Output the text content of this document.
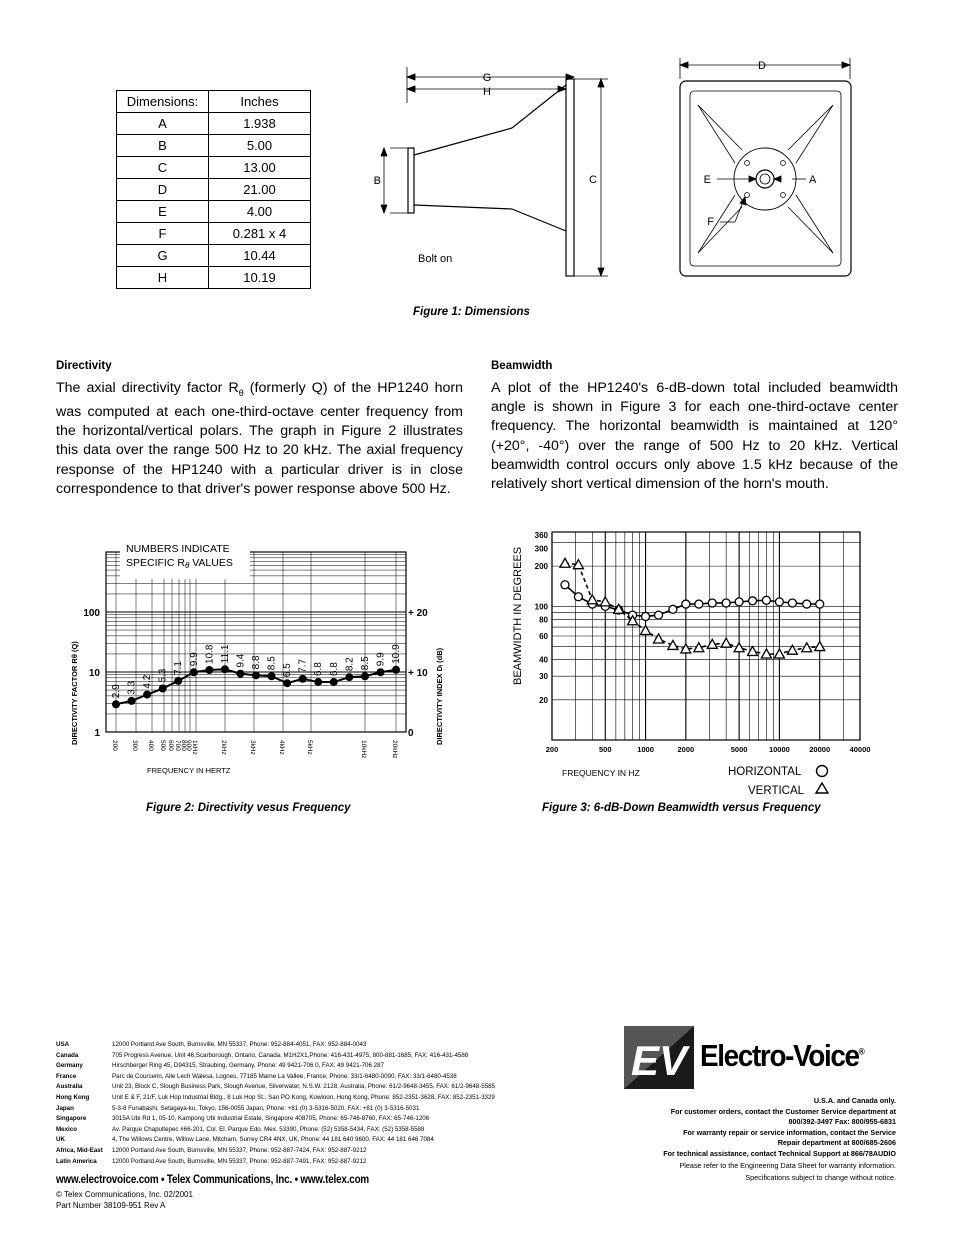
Dimensions:	Inches
A	1.938
B	5.00
C	13.00
D	21.00
E	4.00
F	0.281 x 4
G	10.44
H	10.19
G
H
B	C
D
Bolt on
E	A
F
Figure 1: Dimensions
Directivity
The axial directivity factor $R_\theta$ (formerly Q) of the HP1240 horn was computed at each one-third-octave center frequency from the horizontal/vertical polars. The graph in Figure 2 illustrates this data over the range 500 Hz to 20 kHz. The axial frequency response of the HP1240 with a particular driver is in close correspondence to that driver's power response above 500 Hz.
Beamwidth
A plot of the HP1240's 6-dB-down total included beamwidth angle is shown in Figure 3 for each one-third-octave center frequency. The horizontal beamwidth is maintained at 120° (+20°, -40°) over the range of 500 Hz to 20 kHz. Vertical beamwidth control occurs only above 1.5 kHz because of the relatively short vertical dimension of the horn's mouth.
NUMBERS INDICATE
SPECIFIC Rθ VALUES
200 300 400 500 600 700 800
900 1kHz	2kHz	3kHz	4kHz	5kHz	10kHz	20kHz
1
10
100
0
+ 10
+ 20
2.9 3.3 4.2 5.3
7.1
9.9 10.8 11.1 9.4 8.8 8.5
6.5 7.7 6.8 6.8 8.2 8.5 9.9 10.9
DIRECTIVITY FACTOR Rθ (Q)	DIRECTIVITY INDEX Dᵢ (dB)
FREQUENCY IN HERTZ
Figure 2: Directivity vesus Frequency
200	500	1000	2000	5000	10000	20000	40000
360
300
200
100
80
60
40
30
20
BEAMWIDTH IN DEGREES
FREQUENCY IN HZ	HORIZONTAL
VERTICAL
Figure 3: 6-dB-Down Beamwidth versus Frequency
USA	12000 Portland Ave South, Burnsville, MN 55337, Phone: 952-884-4051, FAX: 952-884-0043
Canada	705 Progress Avenue, Unit 46,Scarborough, Ontario, Canada, M1H2X1,Phone: 416-431-4975, 800-881-1685, FAX: 416-431-4588
Germany	Hirschberger Ring 45, D94315, Straubing, Germany, Phone: 49 9421-706 0, FAX: 49 9421-706 287
France	Parc de Courcerin, Alle Lech Walesa, Lognes, 77185 Marne La Vallee, France, Phone: 33/1-6480-0090, FAX: 33/1-6480-4538
Australia	Unit 23, Block C, Slough Business Park, Slough Avenue, Silverwater, N.S.W. 2128, Australia, Phone: 61/2-9648-3455, FAX: 61/2-9648-5585
Hong Kong	Unit E & F, 21/F, Luk Hop Industrial Bldg., 8 Luk Hop St., San PO Kong, Kowloon, Hong Kong, Phone: 852-2351-3628, FAX: 852-2351-3329
Japan	5-3-8 Funabashi, Setagaya-ku, Tokyo, 156-0055 Japan, Phone: +81 (0) 3-5316-5020, FAX: +81 (0) 3-5316-5031
Singapore	3015A Ubi Rd 1, 05-10, Kampong Ubi Industrial Estate, Singapore 408705, Phone: 65-746-8760, FAX: 65-746-1206
Mexico	Av. Parque Chapultepec #66-201, Col. El. Parque Edo. Mex. 53390, Phone: (52) 5358-5434, FAX: (52) 5358-5588
UK	4, The Willows Centre, Willow Lane, Mitcham, Surrey CR4 4NX, UK, Phone: 44 181 640 9600, FAX: 44 181 646 7084
Africa, Mid-East 12000 Portland Ave South, Burnsville, MN 55337, Phone: 952-887-7424, FAX: 952-887-9212
Latin America 12000 Portland Ave South, Burnsville, MN 55337, Phone: 952-887-7491, FAX: 952-887-9212
www.electrovoice.com • Telex Communications, Inc. • www.telex.com
© Telex Communications, Inc. 02/2001
Part Number 38109-951 Rev A
EV Electro-Voice®
U.S.A. and Canada only.
For customer orders, contact the Customer Service department at
800/392-3497 Fax: 800/955-6831
For warranty repair or service information, contact the Service
Repair department at 800/685-2606
For technical assistance, contact Technical Support at 866/78AUDIO
Please refer to the Engineering Data Sheet for warranty information.
Specifications subject to change without notice.
